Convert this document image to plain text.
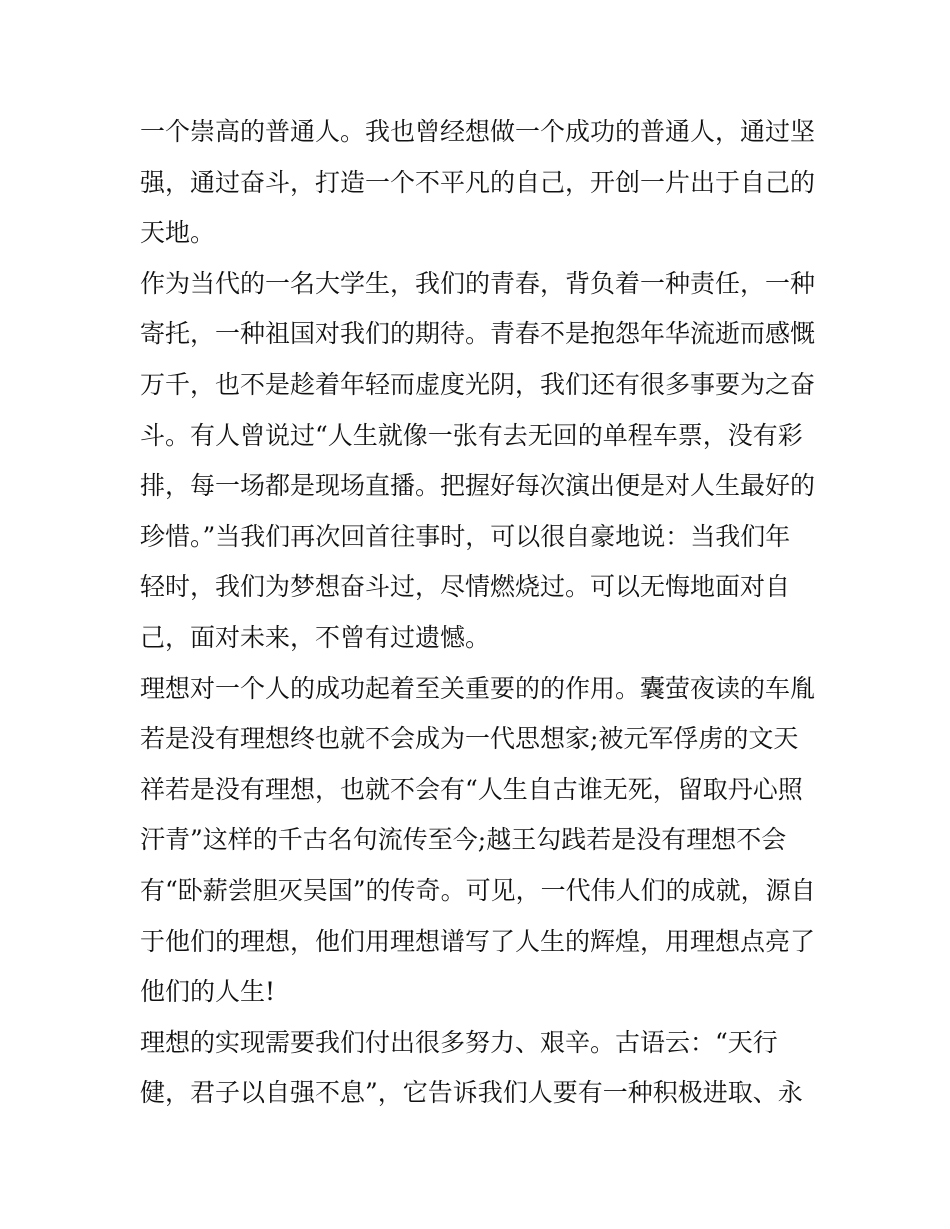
一个崇高的普通人。我也曾经想做一个成功的普通人，通过坚
强，通过奋斗，打造一个不平凡的自己，开创一片出于自己的
天地。
作为当代的一名大学生，我们的青春，背负着一种责任，一种
寄托，一种祖国对我们的期待。青春不是抱怨年华流逝而感慨
万千，也不是趁着年轻而虚度光阴，我们还有很多事要为之奋
斗。有人曾说过“人生就像一张有去无回的单程车票，没有彩
排，每一场都是现场直播。把握好每次演出便是对人生最好的
珍惜。”当我们再次回首往事时，可以很自豪地说：当我们年
轻时，我们为梦想奋斗过，尽情燃烧过。可以无悔地面对自
己，面对未来，不曾有过遗憾。
理想对一个人的成功起着至关重要的的作用。囊萤夜读的车胤
若是没有理想终也就不会成为一代思想家;被元军俘虏的文天
祥若是没有理想，也就不会有“人生自古谁无死，留取丹心照
汗青”这样的千古名句流传至今;越王勾践若是没有理想不会
有“卧薪尝胆灭吴国”的传奇。可见，一代伟人们的成就，源自
于他们的理想，他们用理想谱写了人生的辉煌，用理想点亮了
他们的人生!
理想的实现需要我们付出很多努力、艰辛。古语云：“天行
健，君子以自强不息”，它告诉我们人要有一种积极进取、永
